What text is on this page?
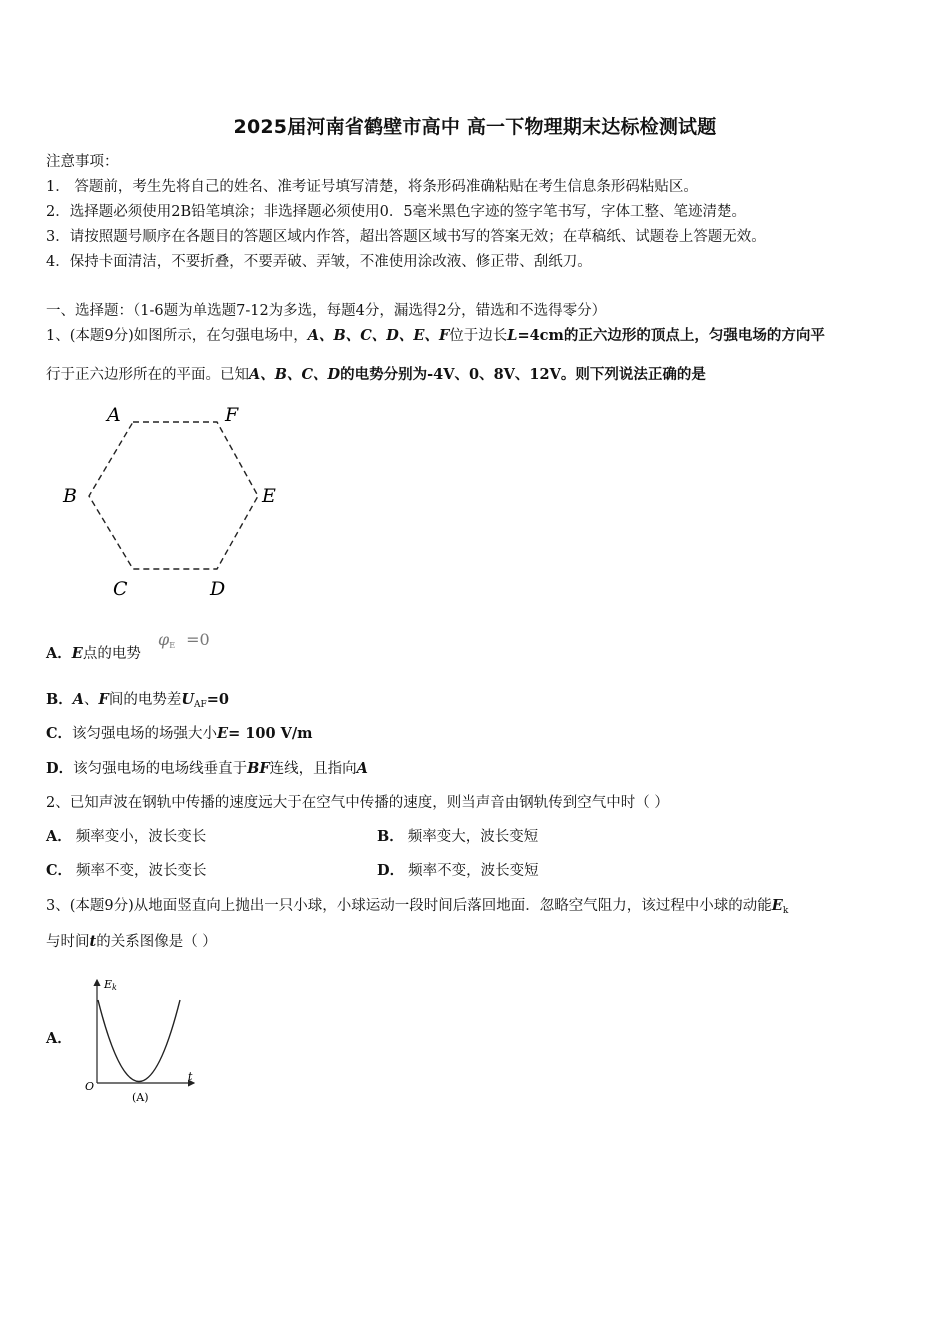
2025届河南省鹤壁市高中 高一下物理期末达标检测试题
注意事项：
1． 答题前，考生先将自己的姓名、准考证号填写清楚，将条形码准确粘贴在考生信息条形码粘贴区。
2．选择题必须使用2B铅笔填涂；非选择题必须使用0．5毫米黑色字迹的签字笔书写，字体工整、笔迹清楚。
3．请按照题号顺序在各题目的答题区域内作答，超出答题区域书写的答案无效；在草稿纸、试题卷上答题无效。
4．保持卡面清洁，不要折叠，不要弄破、弄皱，不准使用涂改液、修正带、刮纸刀。
一、选择题：（1-6题为单选题7-12为多选，每题4分，漏选得2分，错选和不选得零分）
1、(本题9分)如图所示，在匀强电场中，A、B、C、D、E、F位于边长L=4cm的正六边形的顶点上，匀强电场的方向平
行于正六边形所在的平面。已知A、B、C、D的电势分别为-4V、0、8V、12V。则下列说法正确的是
A	F
B	E
C	D
A．E点的电势
$\varphi_E =0$
B．A、F间的电势差$U_{AF}=0$
C．该匀强电场的场强大小E= 100 V/m
D．该匀强电场的电场线垂直于BF连线，且指向A
2、已知声波在钢轨中传播的速度远大于在空气中传播的速度，则当声音由钢轨传到空气中时（ ）
A． 频率变小，波长变长	B． 频率变大，波长变短
C． 频率不变，波长变长	D． 频率不变，波长变短
3、(本题9分)从地面竖直向上抛出一只小球，小球运动一段时间后落回地面．忽略空气阻力，该过程中小球的动能$E_k$
与时间t的关系图像是（ ）
A．
Ek
t
O
(A)
